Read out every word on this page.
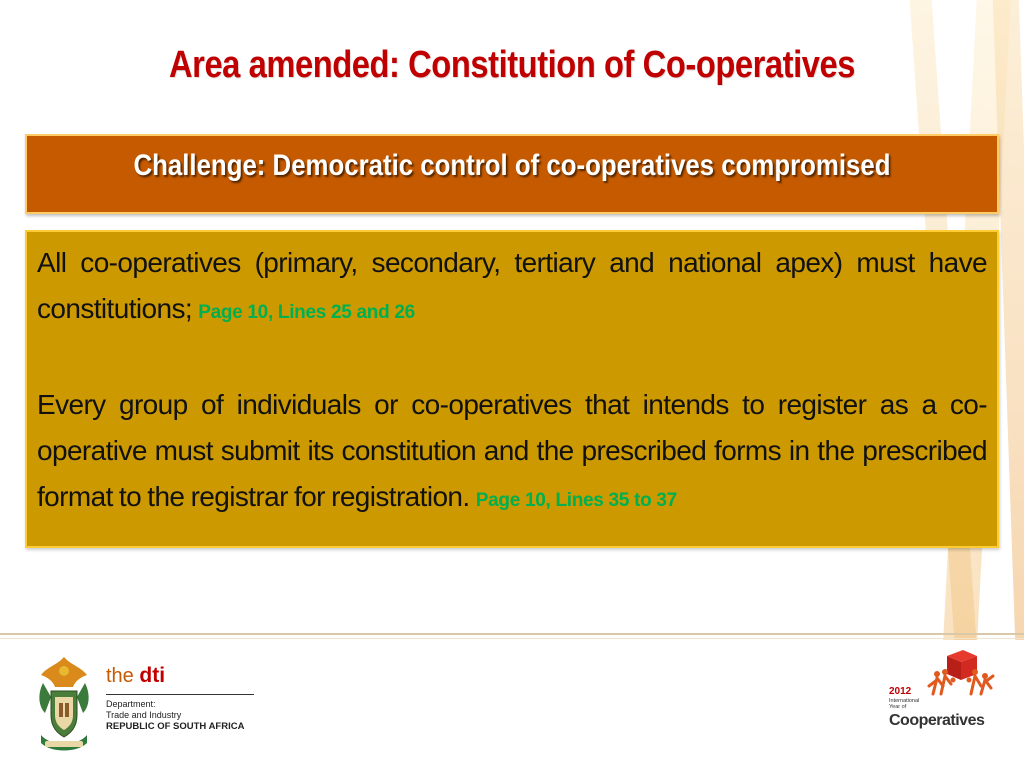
Area amended: Constitution of Co-operatives
Challenge: Democratic control of co-operatives compromised
All co-operatives (primary, secondary, tertiary and national apex) must have constitutions; Page 10, Lines 25 and 26
Every group of individuals or co-operatives that intends to register as a co-operative must submit its constitution and the prescribed forms in the prescribed format to the registrar for registration. Page 10, Lines 35 to 37
the dti
Department:
Trade and Industry
REPUBLIC OF SOUTH AFRICA
2012
International Year of
Cooperatives
